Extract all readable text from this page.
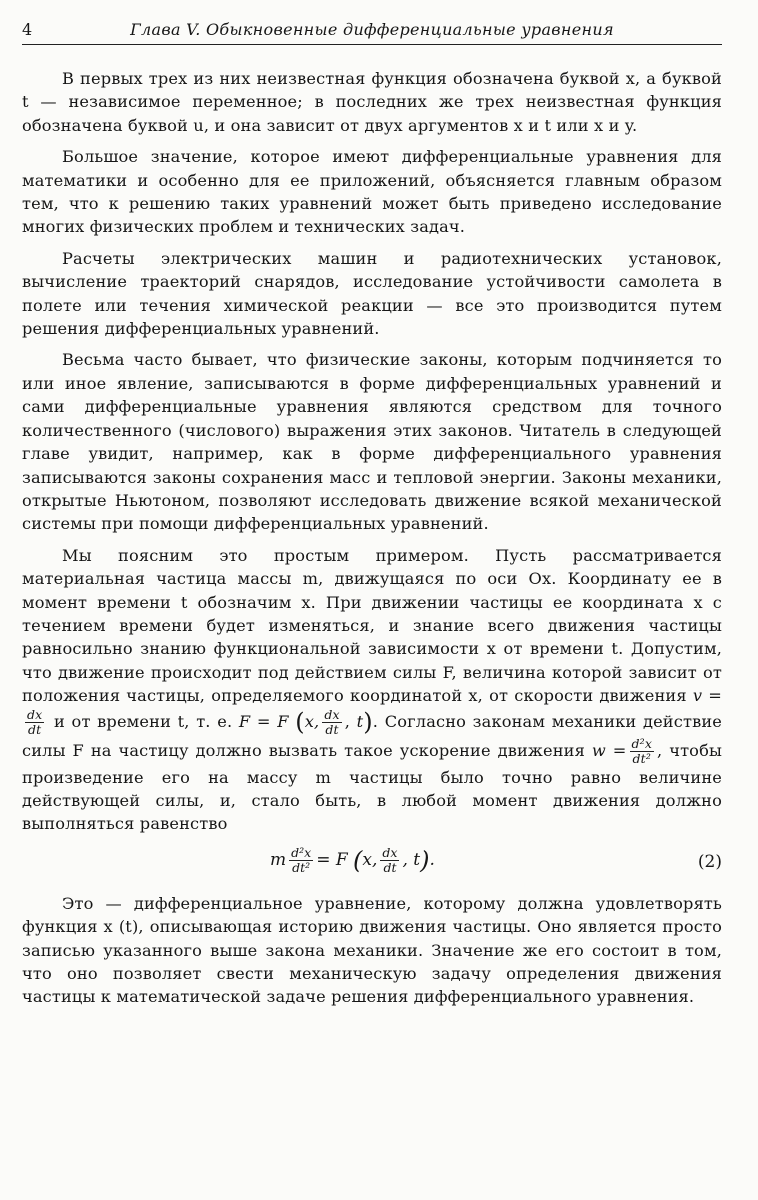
4	Глава V. Обыкновенные дифференциальные уравнения

В первых трех из них неизвестная функция обозначена буквой x, а буквой t — независимое переменное; в последних же трех неизвестная функция обозначена буквой u, и она зависит от двух аргументов x и t или x и y.

Большое значение, которое имеют дифференциальные уравнения для математики и особенно для ее приложений, объясняется главным образом тем, что к решению таких уравнений может быть приведено исследование многих физических проблем и технических задач.

Расчеты электрических машин и радиотехнических установок, вычисление траекторий снарядов, исследование устойчивости самолета в полете или течения химической реакции — все это производится путем решения дифференциальных уравнений.

Весьма часто бывает, что физические законы, которым подчиняется то или иное явление, записываются в форме дифференциальных уравнений и сами дифференциальные уравнения являются средством для точного количественного (числового) выражения этих законов. Читатель в следующей главе увидит, например, как в форме дифференциального уравнения записываются законы сохранения масс и тепловой энергии. Законы механики, открытые Ньютоном, позволяют исследовать движение всякой механической системы при помощи дифференциальных уравнений.

Мы поясним это простым примером. Пусть рассматривается материальная частица массы m, движущаяся по оси Ox. Координату ее в момент времени t обозначим x. При движении частицы ее координата x с течением времени будет изменяться, и знание всего движения частицы равносильно знанию функциональной зависимости x от времени t. Допустим, что движение происходит под действием силы F, величина которой зависит от положения частицы, определяемого координатой x, от скорости движения v =
$\frac{dx}{dt}$ и от времени t, т. е. F = F (x, $\frac{dx}{dt}$ , t). Согласно законам механики действие силы F на частицу должно вызвать такое ускорение движения $w = \frac{\text{d²x}}{\text{dt²}}$ , чтобы произведение его на массу m частицы было точно равно величине действующей силы, и, стало быть, в любой момент движения должно выполняться равенство

m $\frac{\text{d²x}}{\text{dt²}} = F$ (x, $\frac{dx}{dt}$ , t).	(2)

Это — дифференциальное уравнение, которому должна удовлетворять функция x (t), описывающая историю движения частицы. Оно является просто записью указанного выше закона механики. Значение же его состоит в том, что оно позволяет свести механическую задачу определения движения частицы к математической задаче решения дифференциального уравнения.
